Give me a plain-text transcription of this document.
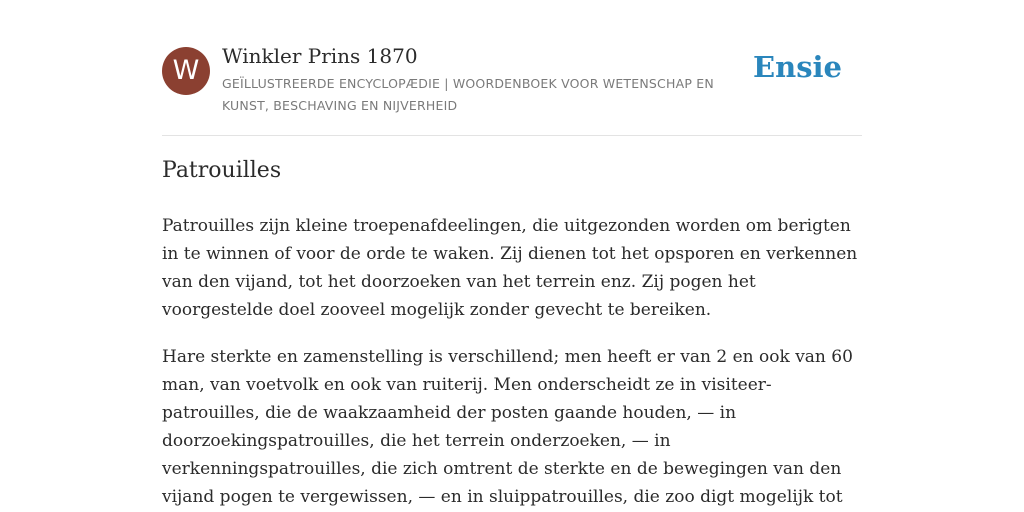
W	Winkler Prins 1870
GEÏLLUSTREERDE ENCYCLOPÆDIE | WOORDENBOEK VOOR WETENSCHAP EN KUNST, BESCHAVING EN NIJVERHEID
Ensie
Patrouilles

Patrouilles zijn kleine troepenafdeelingen, die uitgezonden worden om berigten in te winnen of voor de orde te waken. Zij dienen tot het opsporen en verkennen van den vijand, tot het doorzoeken van het terrein enz. Zij pogen het voorgestelde doel zooveel mogelijk zonder gevecht te bereiken.

Hare sterkte en zamenstelling is verschillend; men heeft er van 2 en ook van 60 man, van voetvolk en ook van ruiterij. Men onderscheidt ze in visiteer-patrouilles, die de waakzaamheid der posten gaande houden, — in doorzoekingspatrouilles, die het terrein onderzoeken, — in verkenningspatrouilles, die zich omtrent de sterkte en de bewegingen van den vijand pogen te vergewissen, — en in sluippatrouilles, die zoo digt mogelijk tot
